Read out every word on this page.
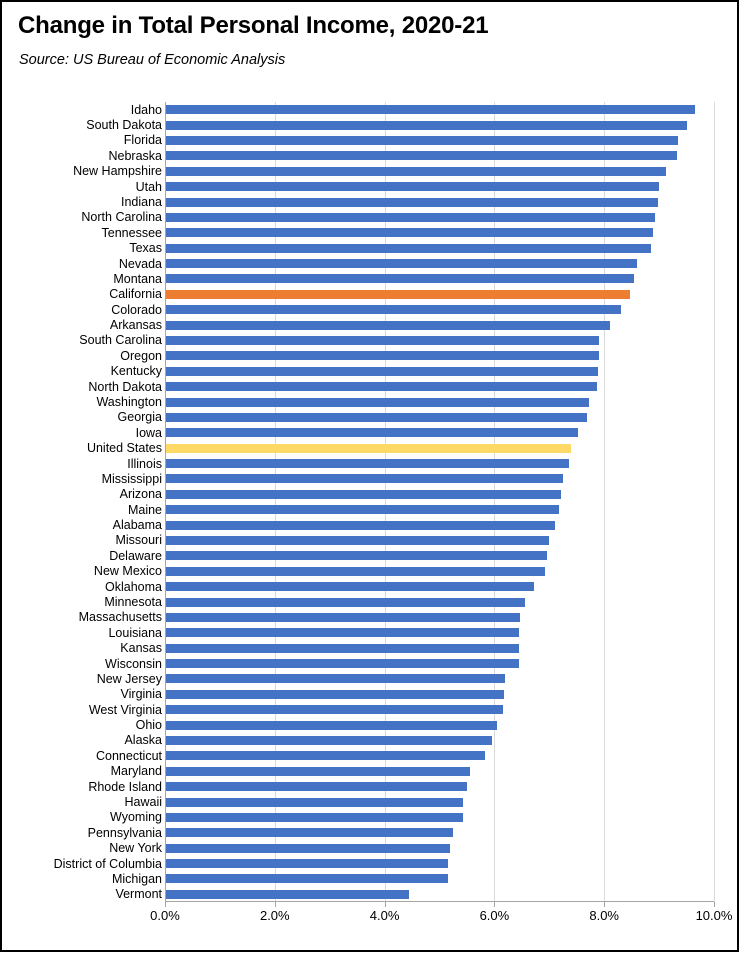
Change in Total Personal Income, 2020-21
Source: US Bureau of Economic Analysis
Idaho
South Dakota
Florida
Nebraska
New Hampshire
Utah
Indiana
North Carolina
Tennessee
Texas
Nevada
Montana
California
Colorado
Arkansas
South Carolina
Oregon
Kentucky
North Dakota
Washington
Georgia
Iowa
United States
Illinois
Mississippi
Arizona
Maine
Alabama
Missouri
Delaware
New Mexico
Oklahoma
Minnesota
Massachusetts
Louisiana
Kansas
Wisconsin
New Jersey
Virginia
West Virginia
Ohio
Alaska
Connecticut
Maryland
Rhode Island
Hawaii
Wyoming
Pennsylvania
New York
District of Columbia
Michigan
Vermont
0.0%	2.0%	4.0%	6.0%	8.0%	10.0%
